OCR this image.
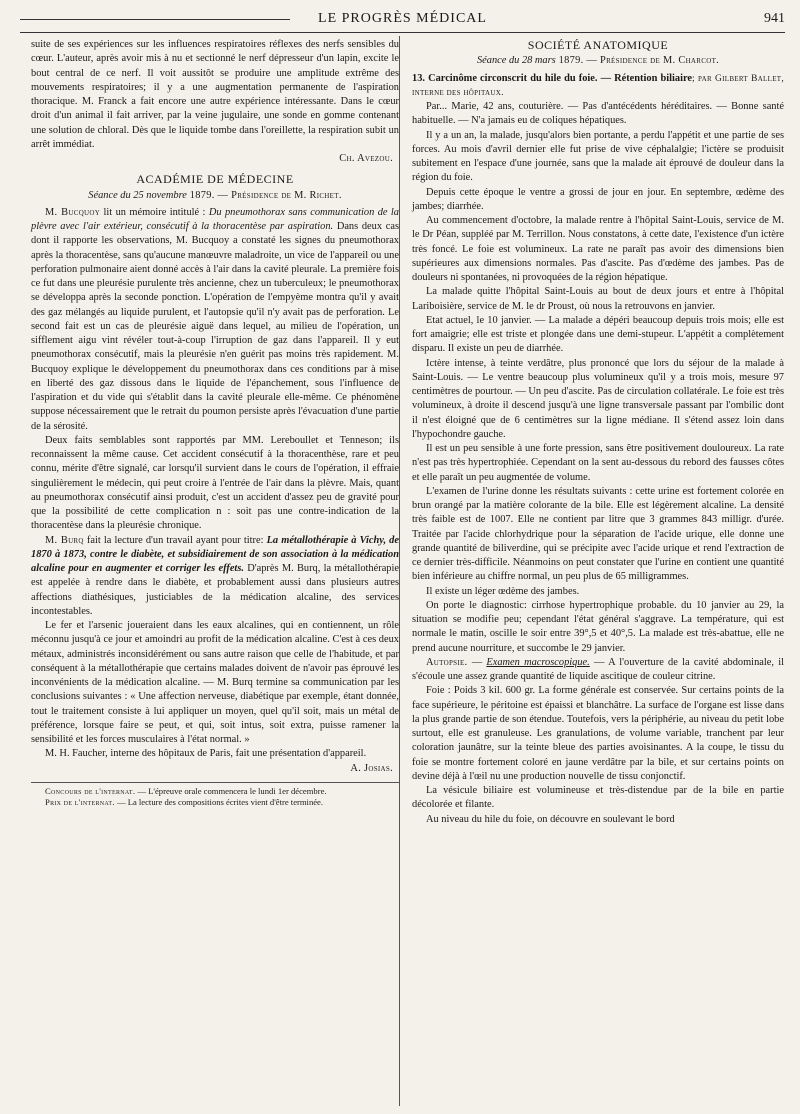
LE PROGRÈS MÉDICAL	941

suite de ses expériences sur les influences respiratoires réflexes des nerfs sensibles du cœur. L'auteur, après avoir mis à nu et sectionné le nerf dépresseur d'un lapin, excite le bout central de ce nerf. Il voit aussitôt se produire une amplitude extrême des mouvements respiratoires; il y a une augmentation permanente de l'aspiration thoracique. M. Franck a fait encore une autre expérience intéressante. Dans le cœur droit d'un animal il fait arriver, par la veine jugulaire, une sonde en gomme contenant une solution de chloral. Dès que le liquide tombe dans l'oreillette, la respiration subit un arrêt immédiat.

Ch. Avezou.

ACADÉMIE DE MÉDECINE
Séance du 25 novembre 1879. — Présidence de M. Richet.

M. Bucquoy lit un mémoire intitulé : Du pneumothorax sans communication de la plèvre avec l'air extérieur, consécutif à la thoracentèse par aspiration. Dans deux cas dont il rapporte les observations, M. Bucquoy a constaté les signes du pneumothorax après la thoracentèse, sans qu'aucune manœuvre maladroite, un vice de l'appareil ou une perforation pulmonaire aient donné accès à l'air dans la cavité pleurale. La première fois ce fut dans une pleurésie purulente très ancienne, chez un tuberculeux; le pneumothorax se développa après la seconde ponction. L'opération de l'empyème montra qu'il y avait des gaz mélangés au liquide purulent, et l'autopsie qu'il n'y avait pas de perforation. Le second fait est un cas de pleurésie aiguë dans lequel, au milieu de l'opération, un sifflement aigu vint révéler tout-à-coup l'irruption de gaz dans l'appareil. Il y eut pneumothorax consécutif, mais la pleurésie n'en guérit pas moins très rapidement. M. Bucquoy explique le développement du pneumothorax dans ces conditions par à mise en liberté des gaz dissous dans le liquide de l'épanchement, sous l'influence de l'aspiration et du vide qui s'établit dans la cavité pleurale elle-même. Ce phénomène suppose nécessairement que le retrait du poumon persiste après l'évacuation d'une partie de la sérosité.

Deux faits semblables sont rapportés par MM. Lereboullet et Tenneson; ils reconnaissent la même cause. Cet accident consécutif à la thoracenthèse, rare et peu connu, mérite d'être signalé, car lorsqu'il survient dans le cours de l'opération, il effraie singulièrement le médecin, qui peut croire à l'entrée de l'air dans la plèvre. Mais, quant au pneumothorax consécutif ainsi produit, c'est un accident d'assez peu de gravité pour que la possibilité de cette complication n : soit pas une contre-indication de la thoracentèse dans la pleurésie chronique.

M. Burq fait la lecture d'un travail ayant pour titre: La métallothérapie à Vichy, de 1870 à 1873, contre le diabète, et subsidiairement de son association à la médication alcaline pour en augmenter et corriger les effets. D'après M. Burq, la métallothérapie est appelée à rendre dans le diabète, et probablement aussi dans plusieurs autres affections diathésiques, justiciables de la médication alcaline, des services incontestables.

Le fer et l'arsenic joueraient dans les eaux alcalines, qui en contiennent, un rôle méconnu jusqu'à ce jour et amoindri au profit de la médication alcaline. C'est à ces deux métaux, administrés inconsidérément ou sans autre raison que celle de l'habitude, et par conséquent à la métallothérapie que certains malades doivent de n'avoir pas éprouvé les inconvénients de la médication alcaline. — M. Burq termine sa communication par les conclusions suivantes : « Une affection nerveuse, diabétique par exemple, étant donnée, tout le traitement consiste à lui appliquer un moyen, quel qu'il soit, mais un métal de préférence, lorsque faire se peut, et qui, soit intus, soit extra, puisse ramener la sensibilité et les forces musculaires à l'état normal. »

M. H. Faucher, interne des hôpitaux de Paris, fait une présentation d'appareil.

A. Josias.

Concours de l'internat. — L'épreuve orale commencera le lundi 1er décembre.

Prix de l'internat. — La lecture des compositions écrites vient d'être terminée.

SOCIÉTÉ ANATOMIQUE
Séance du 28 mars 1879. — Présidence de M. Charcot.

13. Carcinôme circonscrit du hile du foie. — Rétention biliaire; par Gilbert Ballet, interne des hôpitaux.

Par... Marie, 42 ans, couturière. — Pas d'antécédents héréditaires. — Bonne santé habituelle. — N'a jamais eu de coliques hépatiques.

Il y a un an, la malade, jusqu'alors bien portante, a perdu l'appétit et une partie de ses forces. Au mois d'avril dernier elle fut prise de vive céphalalgie; l'ictère se produisit subitement en l'espace d'une journée, sans que la malade ait éprouvé de douleur dans la région du foie.

Depuis cette époque le ventre a grossi de jour en jour. En septembre, œdème des jambes; diarrhée.

Au commencement d'octobre, la malade rentre à l'hôpital Saint-Louis, service de M. le Dr Péan, suppléé par M. Terrillon. Nous constatons, à cette date, l'existence d'un ictère très foncé. Le foie est volumineux. La rate ne paraît pas avoir des dimensions bien supérieures aux dimensions normales. Pas d'ascite. Pas d'œdème des jambes. Pas de douleurs ni spontanées, ni provoquées de la région hépatique.

La malade quitte l'hôpital Saint-Louis au bout de deux jours et entre à l'hôpital Lariboisière, service de M. le dr Proust, où nous la retrouvons en janvier.

Etat actuel, le 10 janvier. — La malade a dépéri beaucoup depuis trois mois; elle est fort amaigrie; elle est triste et plongée dans une demi-stupeur. L'appétit a complètement disparu. Il existe un peu de diarrhée.

Ictère intense, à teinte verdâtre, plus prononcé que lors du séjour de la malade à Saint-Louis. — Le ventre beaucoup plus volumineux qu'il y a trois mois, mesure 97 centimètres de pourtour. — Un peu d'ascite. Pas de circulation collatérale. Le foie est très volumineux, à droite il descend jusqu'à une ligne transversale passant par l'ombilic dont il n'est éloigné que de 6 centimètres sur la ligne médiane. Il s'étend assez loin dans l'hypochondre gauche.

Il est un peu sensible à une forte pression, sans être positivement douloureux. La rate n'est pas très hypertrophiée. Cependant on la sent au-dessous du rebord des fausses côtes et elle paraît un peu augmentée de volume.

L'examen de l'urine donne les résultats suivants : cette urine est fortement colorée en brun orangé par la matière colorante de la bile. Elle est légèrement alcaline. La densité très faible est de 1007. Elle ne contient par litre que 3 grammes 843 milligr. d'urée. Traitée par l'acide chlorhydrique pour la séparation de l'acide urique, elle donne une grande quantité de biliverdine, qui se précipite avec l'acide urique et rend l'extraction de ce dernier très-difficile. Néanmoins on peut constater que l'urine en contient une quantité bien inférieure au chiffre normal, un peu plus de 65 milligrammes.

Il existe un léger œdème des jambes.

On porte le diagnostic: cirrhose hypertrophique probable. du 10 janvier au 29, la situation se modifie peu; cependant l'état général s'aggrave. La température, qui est normale le matin, oscille le soir entre 39°,5 et 40°,5. La malade est très-abattue, elle ne prend aucune nourriture, et succombe le 29 janvier.

Autopsie. — Examen macroscopique. — A l'ouverture de la cavité abdominale, il s'écoule une assez grande quantité de liquide ascitique de couleur citrine.

Foie : Poids 3 kil. 600 gr. La forme générale est conservée. Sur certains points de la face supérieure, le péritoine est épaissi et blanchâtre. La surface de l'organe est lisse dans la plus grande partie de son étendue. Toutefois, vers la périphérie, au niveau du petit lobe surtout, elle est granuleuse. Les granulations, de volume variable, tranchent par leur coloration jaunâtre, sur la teinte bleue des parties avoisinantes. A la coupe, le tissu du foie se montre fortement coloré en jaune verdâtre par la bile, et sur certains points on devine déjà à l'œil nu une production nouvelle de tissu conjonctif.

La vésicule biliaire est volumineuse et très-distendue par de la bile en partie décolorée et filante.

Au niveau du hile du foie, on découvre en soulevant le bord
